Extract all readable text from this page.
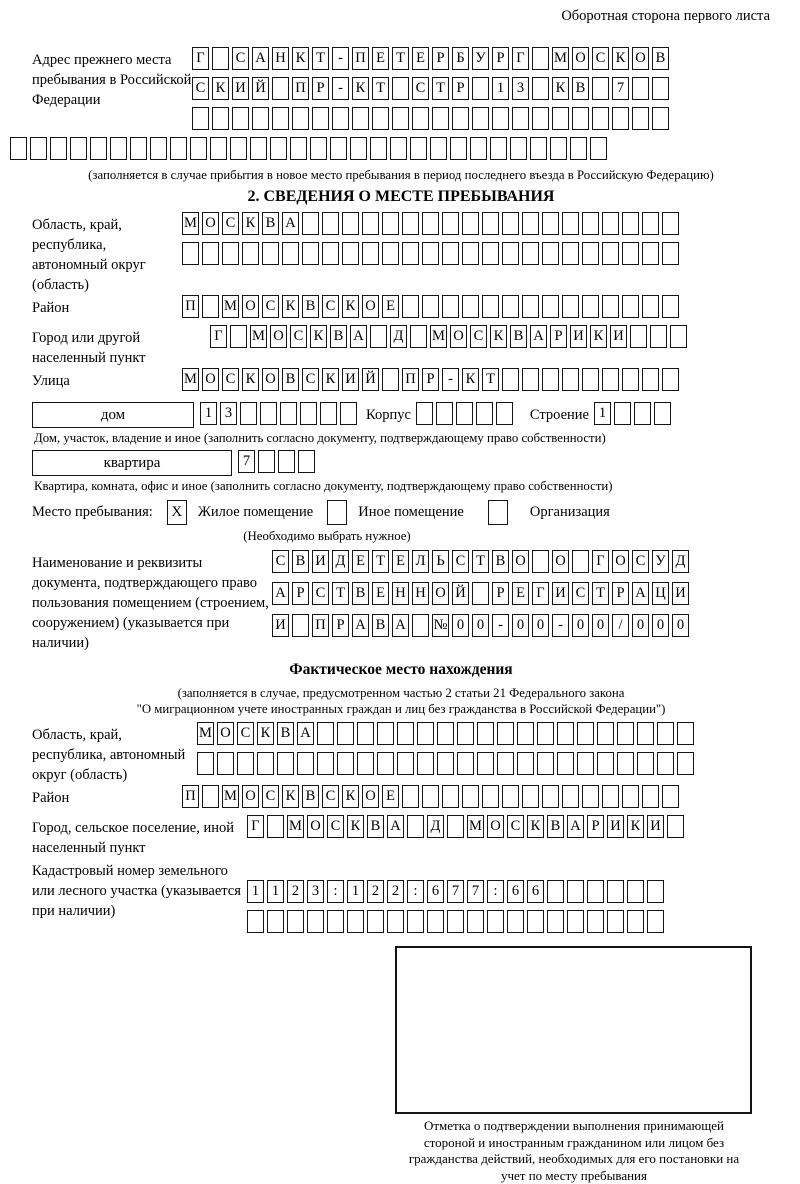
Оборотная сторона первого листа
Адрес прежнего места пребывания в Российской Федерации
Г С А Н К Т - П Е Т Е Р Б У Р Г М О С К О В
С К И Й П Р - К Т С Т Р	1 3	К В	7
(заполняется в случае прибытия в новое место пребывания в период последнего въезда в Российскую Федерацию)
2. СВЕДЕНИЯ О МЕСТЕ ПРЕБЫВАНИЯ
Область, край, республика, автономный округ (область)
М О С К В А
Район	П М О С К В С К О Е
Город или другой населенный пункт
Г М О С К В А Д М О С К В А Р И К И
Улица	М О С К О В С К И Й П Р - К Т
дом	1 3	Корпус	Строение 1
Дом, участок, владение и иное (заполнить согласно документу, подтверждающему право собственности)
квартира	7
Квартира, комната, офис и иное (заполнить согласно документу, подтверждающему право собственности)
Место пребывания:	X	Жилое помещение	Иное помещение	Организация
(Необходимо выбрать нужное)
Наименование и реквизиты документа, подтверждающего право пользования помещением (строением, сооружением) (указывается при наличии)
С В И Д Е Т Е Л Ь С Т В О О Г О С У Д
А Р С Т В Е Н Н О Й	Р Е Г И С Т Р А Ц И
И П Р А В А № 0 0 - 0 0 - 0 0 / 0 0 0
Фактическое место нахождения
(заполняется в случае, предусмотренном частью 2 статьи 21 Федерального закона
"О миграционном учете иностранных граждан и лиц без гражданства в Российской Федерации")
Область, край, республика, автономный округ (область)
М О С К В А
Район	П М О С К В С К О Е
Город, сельское поселение, иной населенный пункт
Г М О С К В А Д М О С К В А Р И К И
Кадастровый номер земельного или лесного участка (указывается при наличии)
1 1 2 3 : 1 2 2 : 6 7 7 : 6 6
Отметка о подтверждении выполнения принимающей стороной и иностранным гражданином или лицом без гражданства действий, необходимых для его постановки на учет по месту пребывания
